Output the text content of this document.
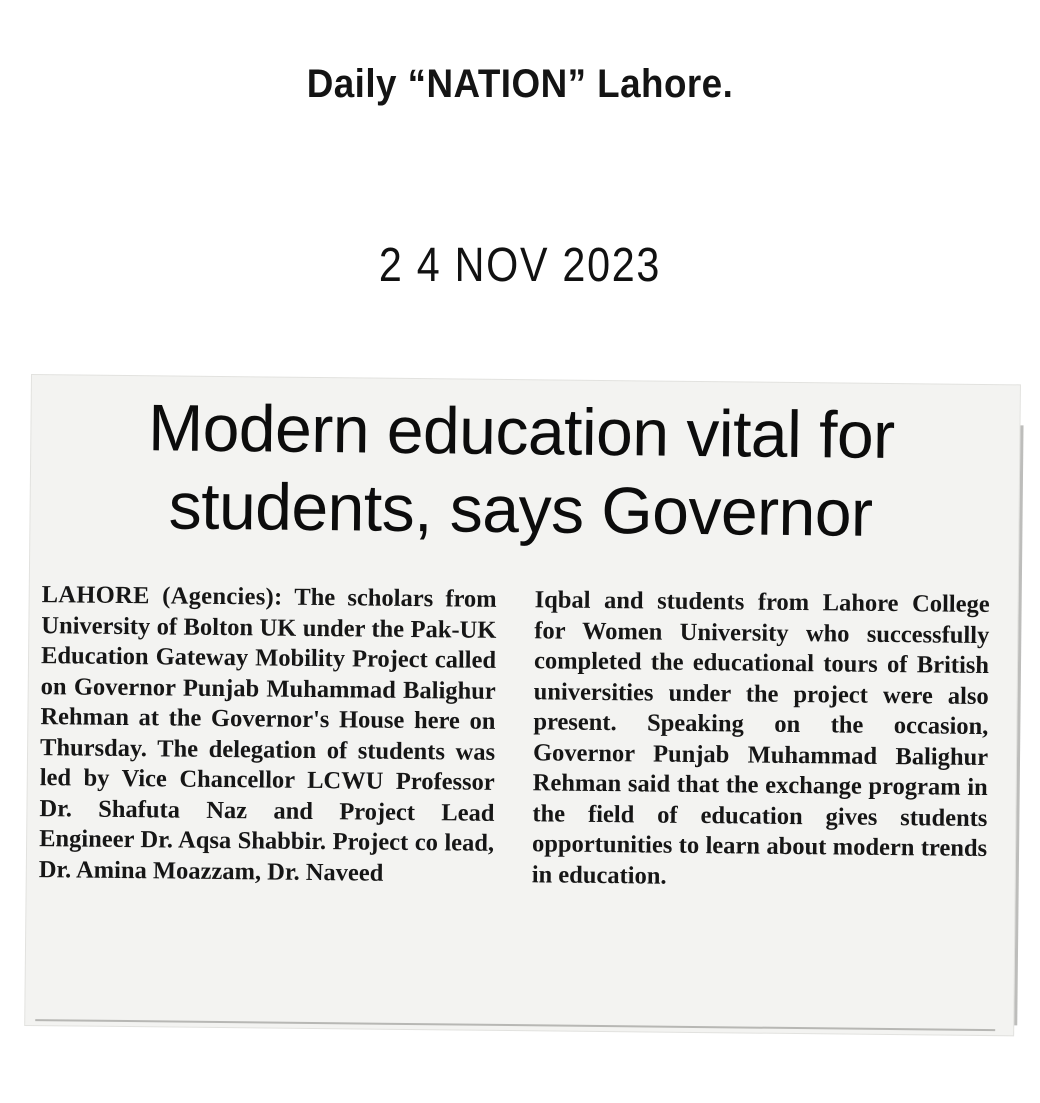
Daily “NATION” Lahore.
2 4 NOV 2023
Modern education vital for
students, says Governor

LAHORE (Agencies): The scholars from University of Bolton UK under the Pak-UK Education Gateway Mobility Project called on Governor Punjab Muhammad Balighur Rehman at the Governor's House here on Thursday. The delegation of students was led by Vice Chancellor LCWU Professor Dr. Shafuta Naz and Project Lead Engineer Dr. Aqsa Shabbir. Project co lead, Dr. Amina Moazzam, Dr. Naveed

Iqbal and students from Lahore College for Women University who successfully completed the educational tours of British universities under the project were also present. Speaking on the occasion, Governor Punjab Muhammad Balighur Rehman said that the exchange program in the field of education gives students opportunities to learn about modern trends in education.
